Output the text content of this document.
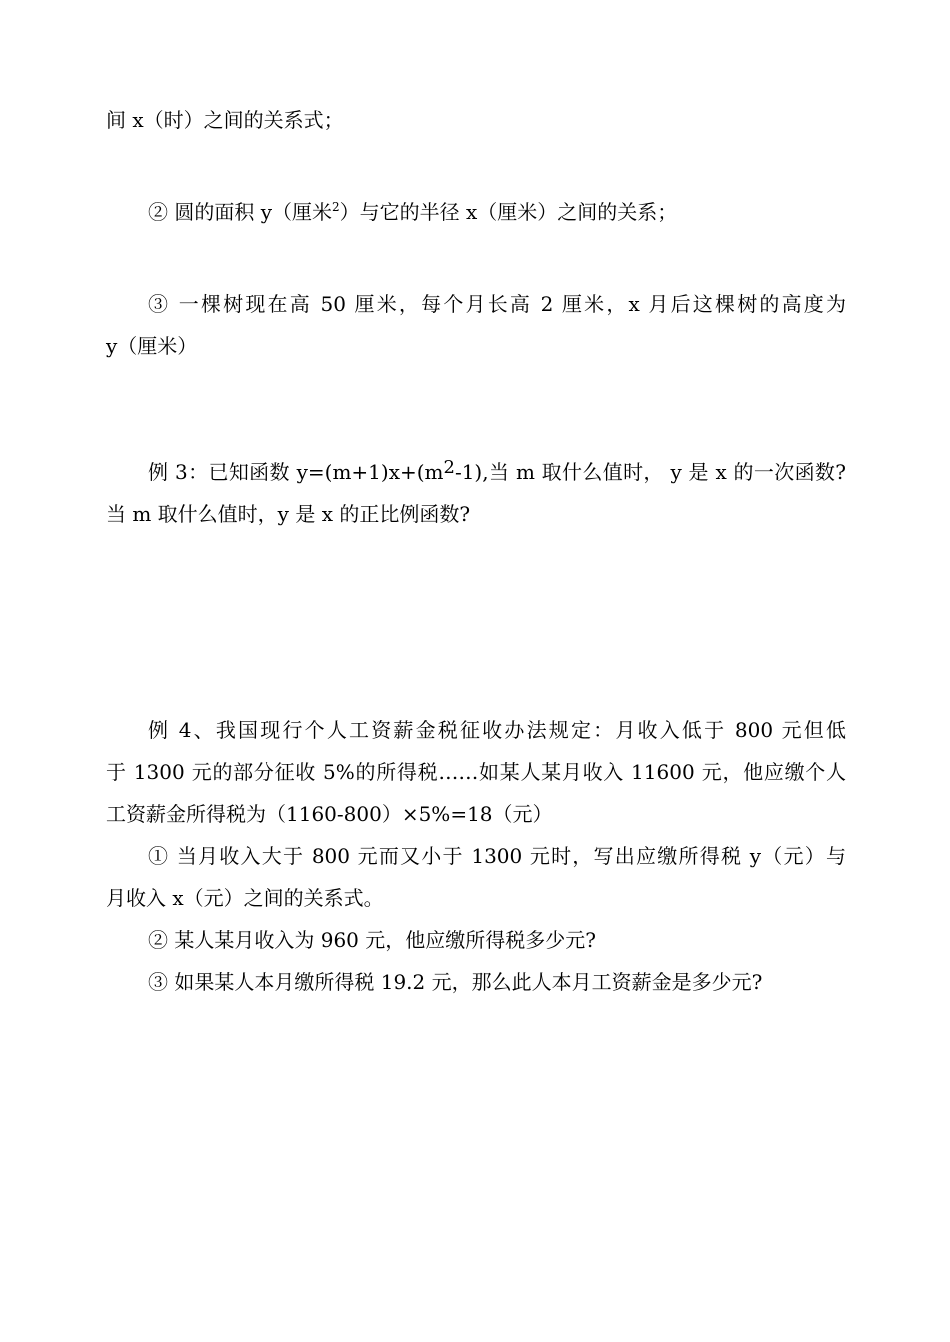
间 x（时）之间的关系式；
② 圆的面积 y（厘米$^2$）与它的半径 x（厘米）之间的关系；
③ 一棵树现在高 50 厘米，每个月长高 2 厘米，x 月后这棵树的高度为
y（厘米）
例 3：已知函数 y=(m+1)x+(m2-1),当 m 取什么值时， y 是 x 的一次函数?
当 m 取什么值时，y 是 x 的正比例函数?
例 4、我国现行个人工资薪金税征收办法规定：月收入低于 800 元但低
于 1300 元的部分征收 5%的所得税……如某人某月收入 11600 元，他应缴个人
工资薪金所得税为（1160-800）×5%=18（元）
① 当月收入大于 800 元而又小于 1300 元时，写出应缴所得税 y（元）与
月收入 x（元）之间的关系式。
② 某人某月收入为 960 元，他应缴所得税多少元?
③ 如果某人本月缴所得税 19.2 元，那么此人本月工资薪金是多少元?
